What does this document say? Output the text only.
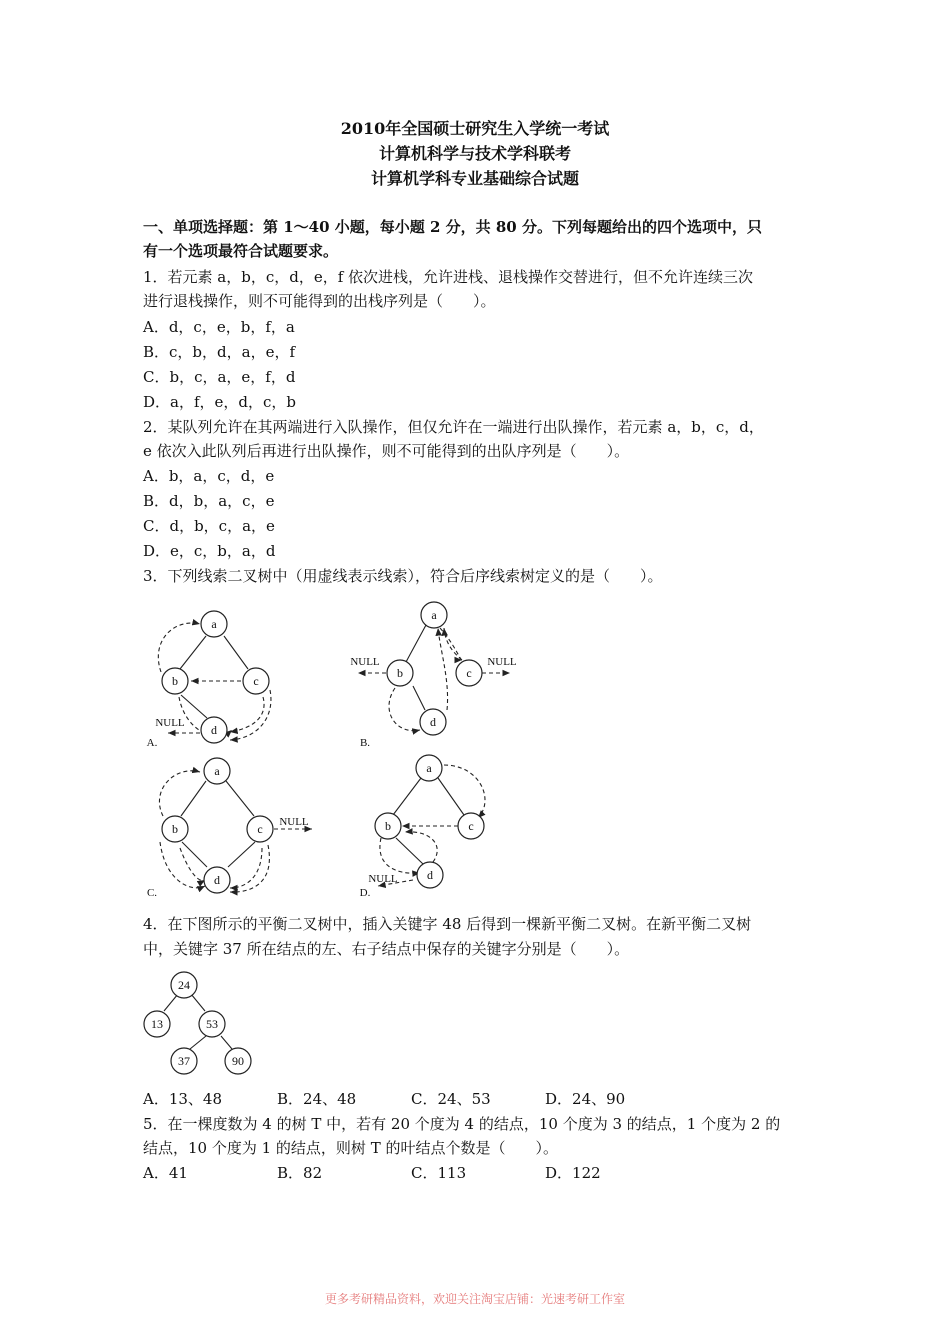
2010年全国硕士研究生入学统一考试
计算机科学与技术学科联考
计算机学科专业基础综合试题
一、单项选择题：第 1～40 小题，每小题 2 分，共 80 分。下列每题给出的四个选项中，只
有一个选项最符合试题要求。
1．若元素 a，b，c，d，e，f 依次进栈，允许进栈、退栈操作交替进行，但不允许连续三次
进行退栈操作，则不可能得到的出栈序列是（　　）。
A．d，c，e，b，f，a
B．c，b，d，a，e，f
C．b，c，a，e，f，d
D．a，f，e，d，c，b
2．某队列允许在其两端进行入队操作，但仅允许在一端进行出队操作，若元素 a，b，c，d，
e 依次入此队列后再进行出队操作，则不可能得到的出队序列是（　　）。
A．b，a，c，d，e
B．d，b，a，c，e
C．d，b，c，a，e
D．e，c，b，a，d
3．下列线索二叉树中（用虚线表示线索），符合后序线索树定义的是（　　）。
a
b	c
d
NULL
A.
a
b	c
d
NULL	NULL
B.
a
b	c
d
NULL
C.
a
b	c
d
NULL
D.
24
13	53
37	90
4．在下图所示的平衡二叉树中，插入关键字 48 后得到一棵新平衡二叉树。在新平衡二叉树
中，关键字 37 所在结点的左、右子结点中保存的关键字分别是（　　）。
A．13、48	B．24、48	C．24、53	D．24、90
5．在一棵度数为 4 的树 T 中，若有 20 个度为 4 的结点，10 个度为 3 的结点，1 个度为 2 的
结点，10 个度为 1 的结点，则树 T 的叶结点个数是（　　）。
A．41	B．82	C．113	D．122
更多考研精品资料，欢迎关注淘宝店铺：光速考研工作室
